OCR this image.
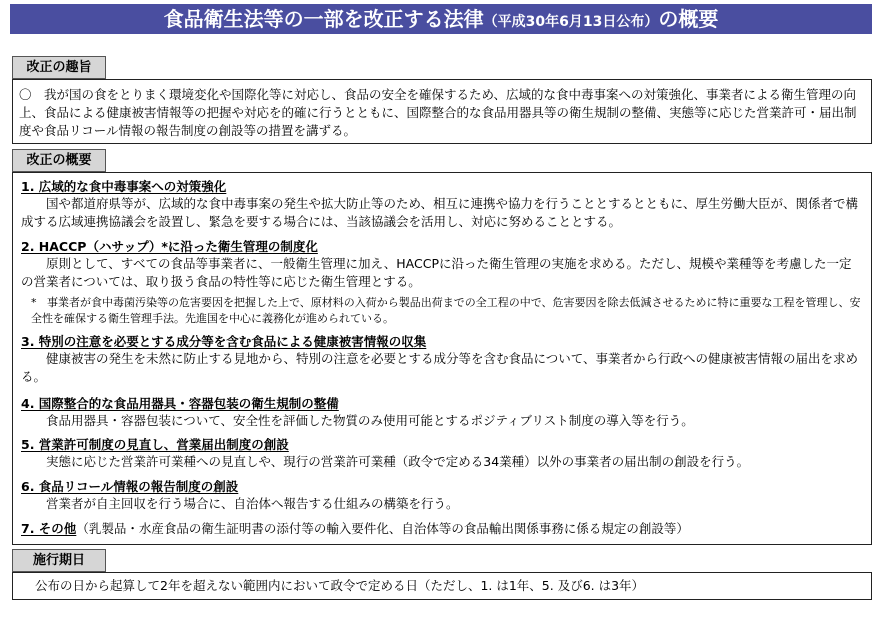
食品衛生法等の一部を改正する法律（平成30年6月13日公布）の概要
改正の趣旨
〇　 我が国の食をとりまく環境変化や国際化等に対応し、食品の安全を確保するため、広域的な食中毒事案への対策強化、事業者による衛生管理の向上、食品による健康被害情報等の把握や対応を的確に行うとともに、国際整合的な食品用器具等の衛生規制の整備、実態等に応じた営業許可・届出制度や食品リコール情報の報告制度の創設等の措置を講ずる。
改正の概要
1. 広域的な食中毒事案への対策強化
国や都道府県等が、広域的な食中毒事案の発生や拡大防止等のため、相互に連携や協力を行うこととするとともに、厚生労働大臣が、関係者で構成する広域連携協議会を設置し、緊急を要する場合には、当該協議会を活用し、対応に努めることとする。
2. HACCP（ハサップ）*に沿った衛生管理の制度化
原則として、すべての食品等事業者に、一般衛生管理に加え、HACCPに沿った衛生管理の実施を求める。ただし、規模や業種等を考慮した一定の営業者については、取り扱う食品の特性等に応じた衛生管理とする。
* 事業者が食中毒菌汚染等の危害要因を把握した上で、原材料の入荷から製品出荷までの全工程の中で、危害要因を除去低減させるために特に重要な工程を管理し、安全性を確保する衛生管理手法。先進国を中心に義務化が進められている。
3. 特別の注意を必要とする成分等を含む食品による健康被害情報の収集
健康被害の発生を未然に防止する見地から、特別の注意を必要とする成分等を含む食品について、事業者から行政への健康被害情報の届出を求める。
4. 国際整合的な食品用器具・容器包装の衛生規制の整備
食品用器具・容器包装について、安全性を評価した物質のみ使用可能とするポジティブリスト制度の導入等を行う。
5. 営業許可制度の見直し、営業届出制度の創設
実態に応じた営業許可業種への見直しや、現行の営業許可業種（政令で定める34業種）以外の事業者の届出制の創設を行う。
6. 食品リコール情報の報告制度の創設
営業者が自主回収を行う場合に、自治体へ報告する仕組みの構築を行う。
7. その他（乳製品・水産食品の衛生証明書の添付等の輸入要件化、自治体等の食品輸出関係事務に係る規定の創設等）
施行期日
公布の日から起算して2年を超えない範囲内において政令で定める日（ただし、1. は1年、5. 及び6. は3年）
